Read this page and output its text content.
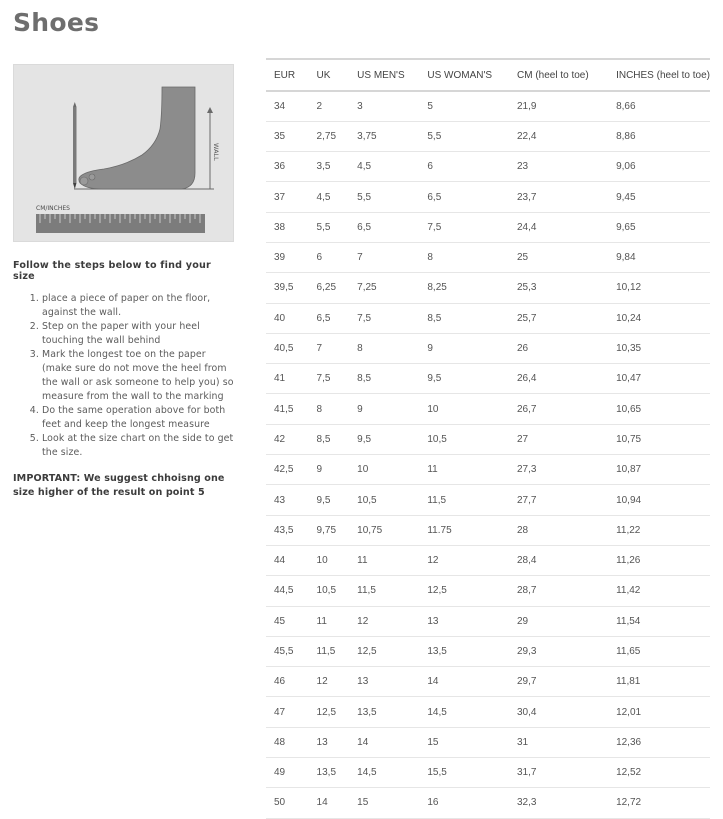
Shoes
WALL
CM/INCHES

Follow the steps below to find your size

1. place a piece of paper on the floor, against the wall.
2. Step on the paper with your heel touching the wall behind
3. Mark the longest toe on the paper (make sure do not move the heel from the wall or ask someone to help you) so measure from the wall to the marking
4. Do the same operation above for both feet and keep the longest measure
5. Look at the size chart on the side to get the size.

IMPORTANT: We suggest chhoisng one size higher of the result on point 5

EUR	UK	US MEN'S	US WOMAN'S	CM (heel to toe)	INCHES (heel to toe)
34	2	3	5	21,9	8,66
35	2,75	3,75	5,5	22,4	8,86
36	3,5	4,5	6	23	9,06
37	4,5	5,5	6,5	23,7	9,45
38	5,5	6,5	7,5	24,4	9,65
39	6	7	8	25	9,84
39,5	6,25	7,25	8,25	25,3	10,12
40	6,5	7,5	8,5	25,7	10,24
40,5	7	8	9	26	10,35
41	7,5	8,5	9,5	26,4	10,47
41,5	8	9	10	26,7	10,65
42	8,5	9,5	10,5	27	10,75
42,5	9	10	11	27,3	10,87
43	9,5	10,5	11,5	27,7	10,94
43,5	9,75	10,75	11.75	28	11,22
44	10	11	12	28,4	11,26
44,5	10,5	11,5	12,5	28,7	11,42
45	11	12	13	29	11,54
45,5	11,5	12,5	13,5	29,3	11,65
46	12	13	14	29,7	11,81
47	12,5	13,5	14,5	30,4	12,01
48	13	14	15	31	12,36
49	13,5	14,5	15,5	31,7	12,52
50	14	15	16	32,3	12,72
